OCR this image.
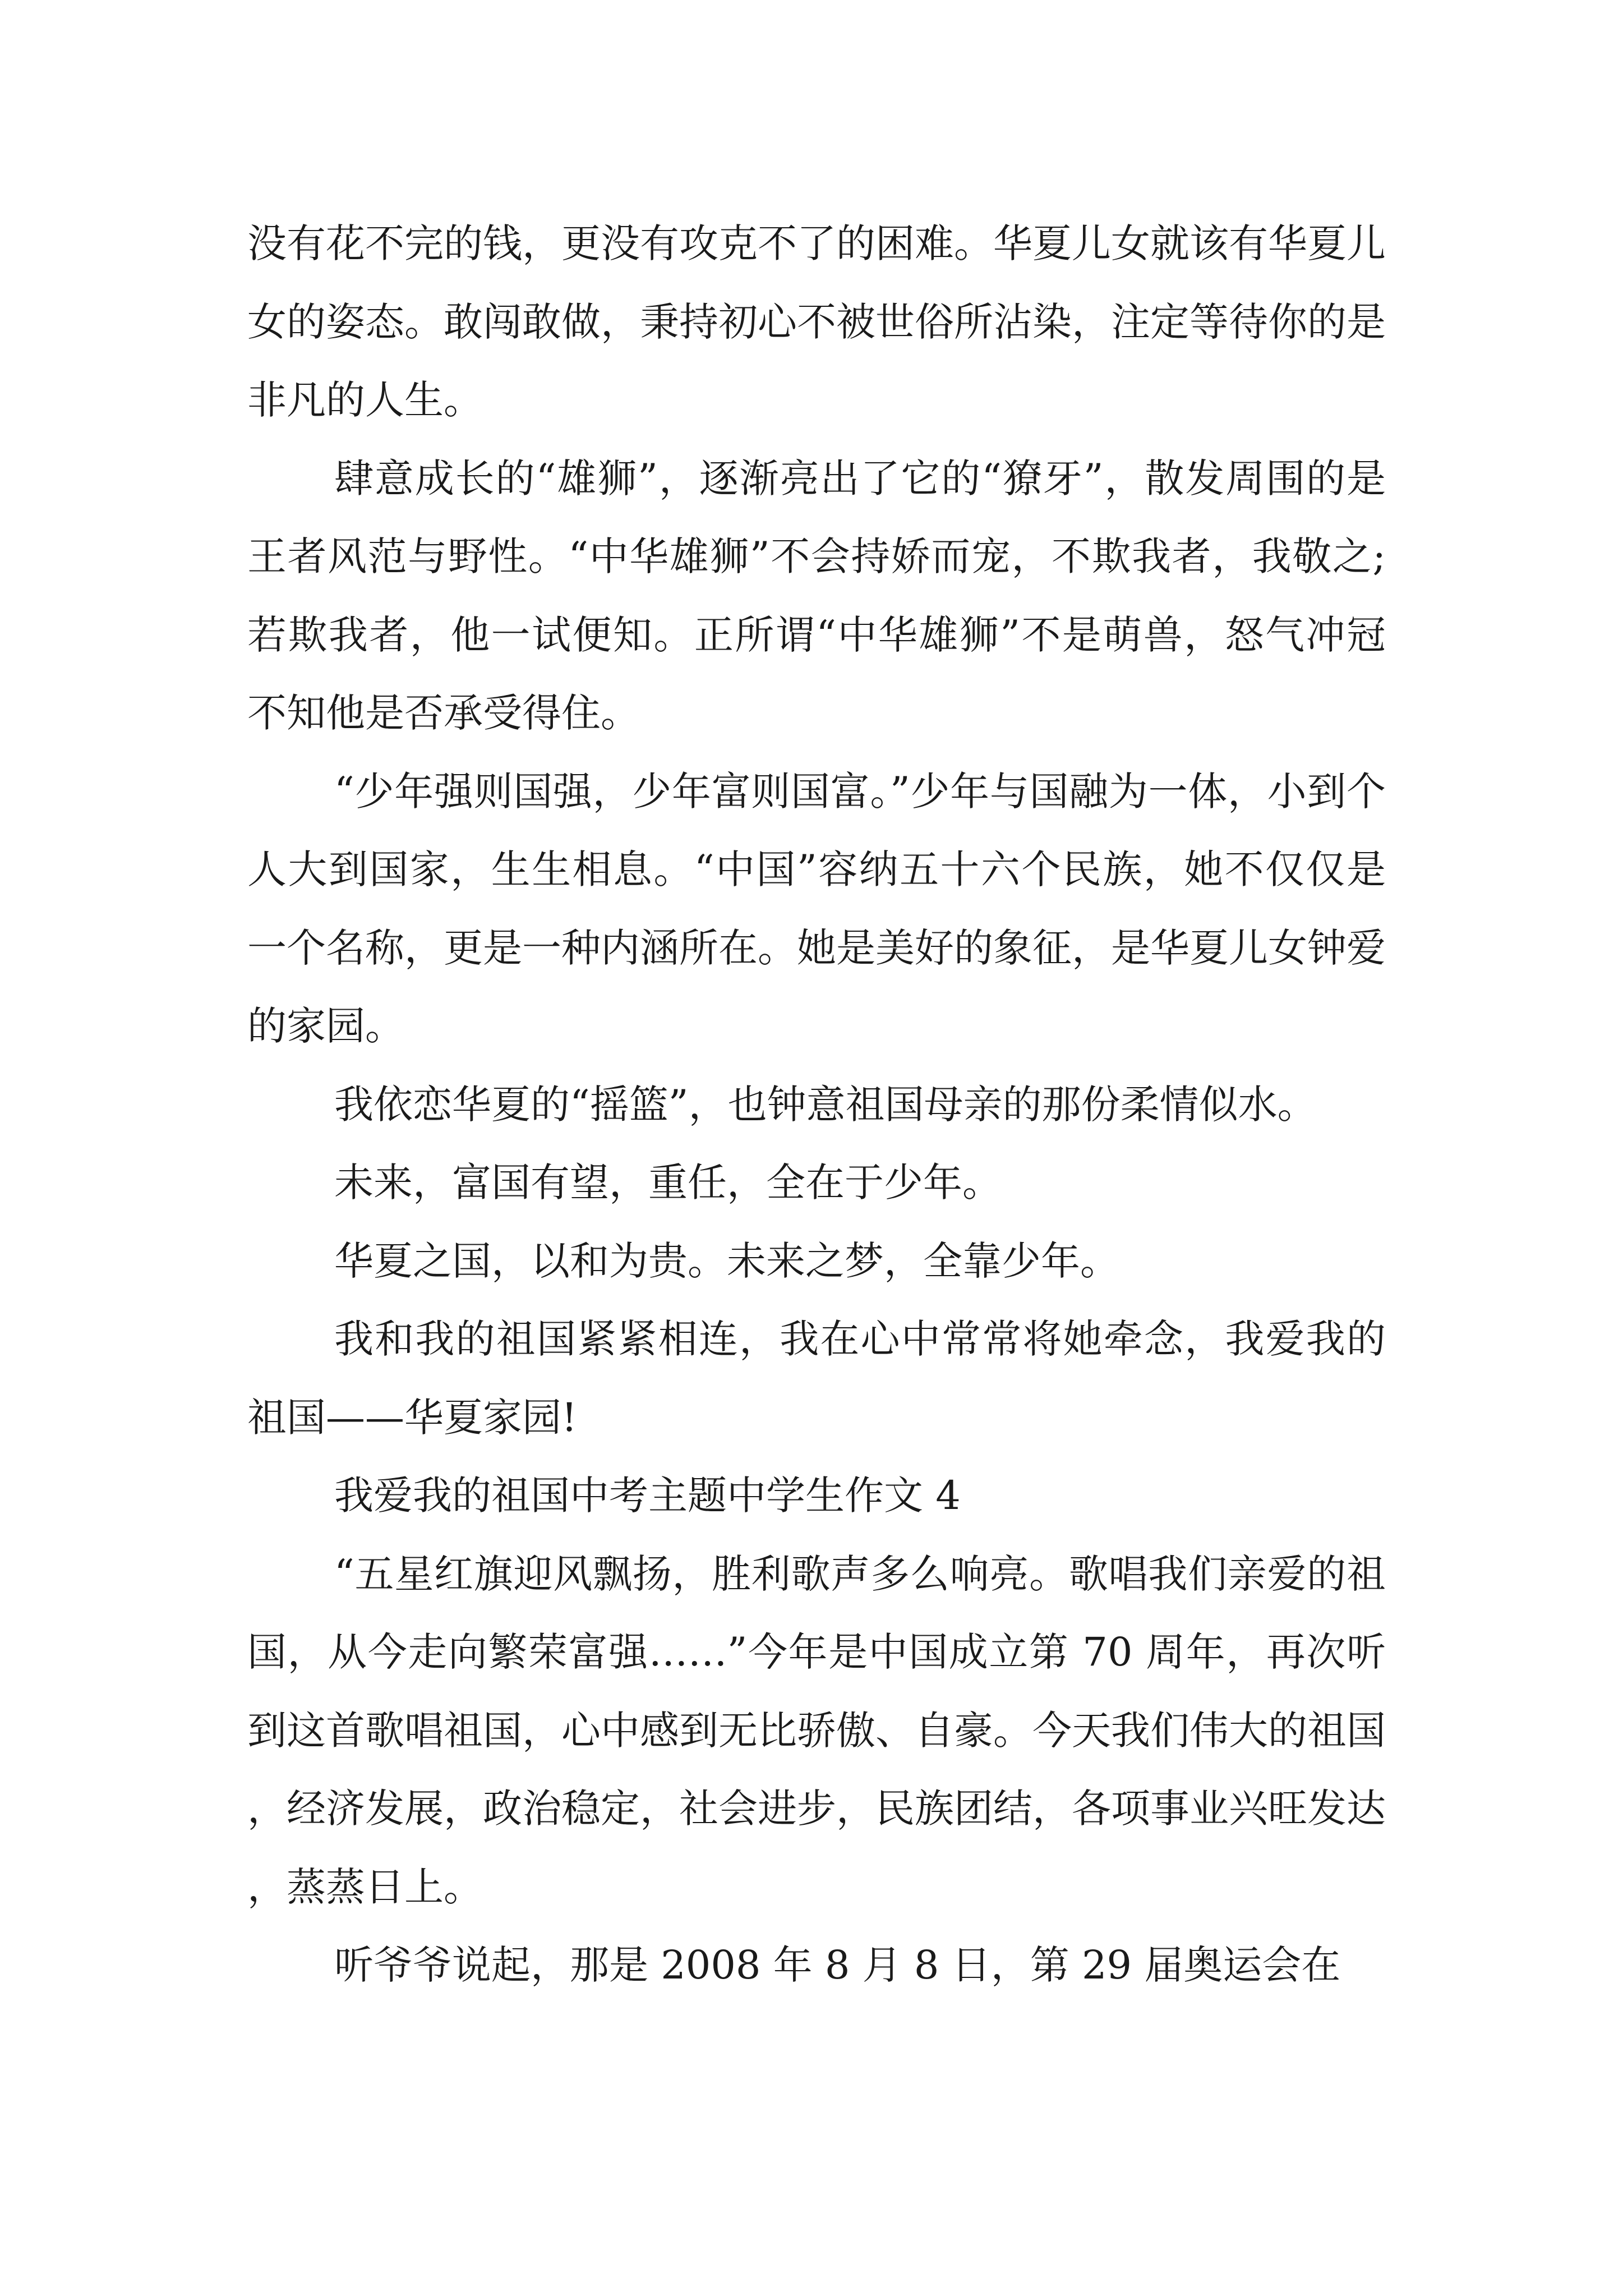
没有花不完的钱，更没有攻克不了的困难。华夏儿女就该有华夏儿女的姿态。敢闯敢做，秉持初心不被世俗所沾染，注定等待你的是非凡的人生。

肆意成长的“雄狮”，逐渐亮出了它的“獠牙”，散发周围的是王者风范与野性。“中华雄狮”不会持娇而宠，不欺我者，我敬之;若欺我者，他一试便知。正所谓“中华雄狮”不是萌兽，怒气冲冠不知他是否承受得住。

“少年强则国强，少年富则国富。”少年与国融为一体，小到个人大到国家，生生相息。“中国”容纳五十六个民族，她不仅仅是一个名称，更是一种内涵所在。她是美好的象征，是华夏儿女钟爱的家园。

我依恋华夏的“摇篮”，也钟意祖国母亲的那份柔情似水。

未来，富国有望，重任，全在于少年。

华夏之国，以和为贵。未来之梦，全靠少年。

我和我的祖国紧紧相连，我在心中常常将她牵念，我爱我的祖国——华夏家园!

我爱我的祖国中考主题中学生作文 4

“五星红旗迎风飘扬，胜利歌声多么响亮。歌唱我们亲爱的祖国，从今走向繁荣富强……”今年是中国成立第 70 周年，再次听到这首歌唱祖国，心中感到无比骄傲、自豪。今天我们伟大的祖国，经济发展，政治稳定，社会进步，民族团结，各项事业兴旺发达，蒸蒸日上。

听爷爷说起，那是 2008 年 8 月 8 日，第 29 届奥运会在
